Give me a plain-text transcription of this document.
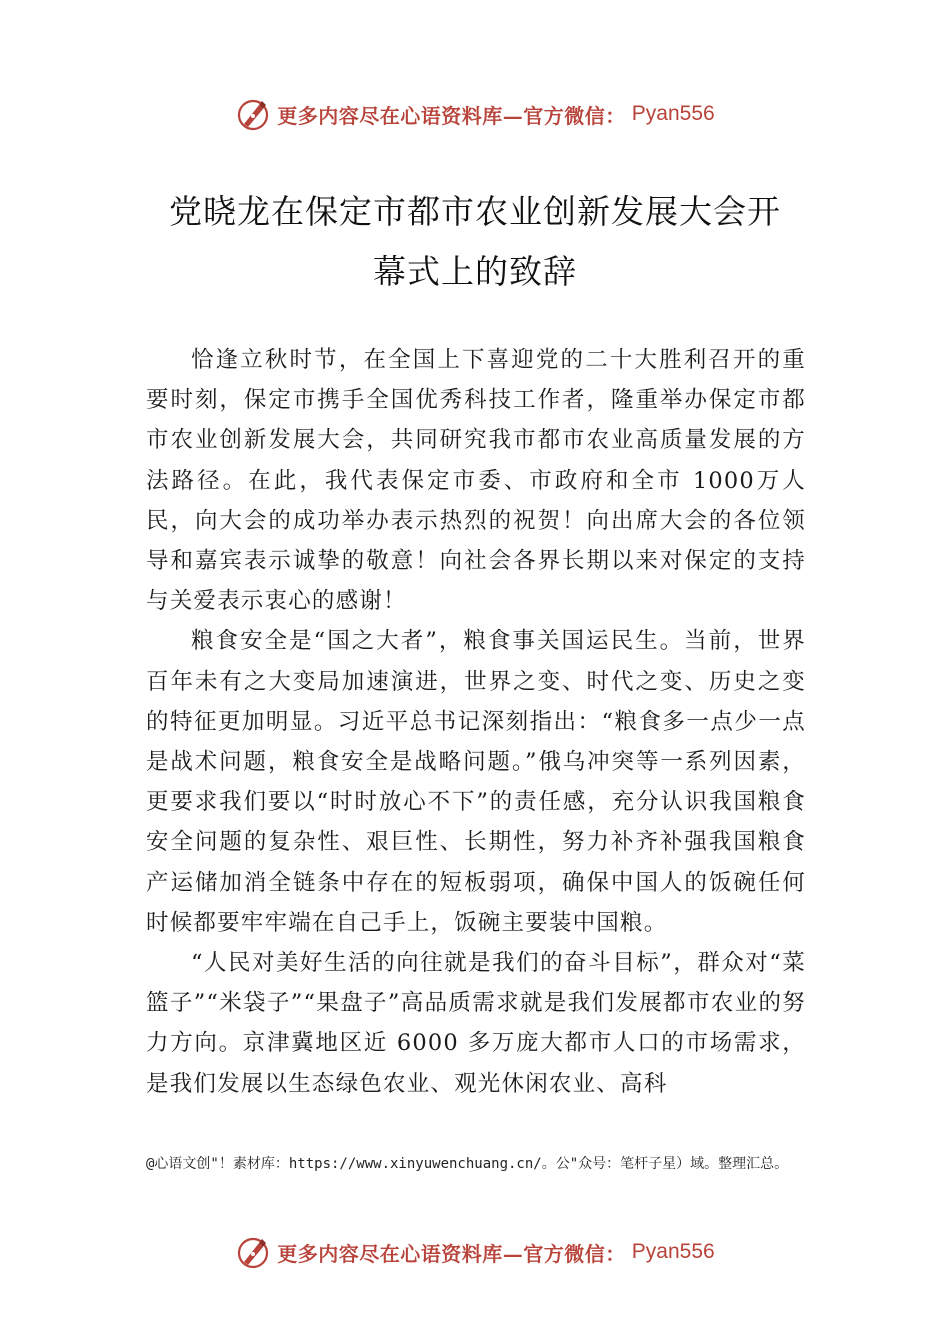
更多内容尽在心语资料库—官方微信： Pyan556
党晓龙在保定市都市农业创新发展大会开
幕式上的致辞

恰逢立秋时节，在全国上下喜迎党的二十大胜利召开的重要时刻，保定市携手全国优秀科技工作者，隆重举办保定市都市农业创新发展大会，共同研究我市都市农业高质量发展的方法路径。在此，我代表保定市委、市政府和全市 1000万人民，向大会的成功举办表示热烈的祝贺！向出席大会的各位领导和嘉宾表示诚挚的敬意！向社会各界长期以来对保定的支持与关爱表示衷心的感谢！

粮食安全是“国之大者”，粮食事关国运民生。当前，世界百年未有之大变局加速演进，世界之变、时代之变、历史之变的特征更加明显。习近平总书记深刻指出：“粮食多一点少一点是战术问题，粮食安全是战略问题。”俄乌冲突等一系列因素，更要求我们要以“时时放心不下”的责任感，充分认识我国粮食安全问题的复杂性、艰巨性、长期性，努力补齐补强我国粮食产运储加消全链条中存在的短板弱项，确保中国人的饭碗任何时候都要牢牢端在自己手上，饭碗主要装中国粮。

“人民对美好生活的向往就是我们的奋斗目标”，群众对“菜篮子”“米袋子”“果盘子”高品质需求就是我们发展都市农业的努力方向。京津冀地区近 6000 多万庞大都市人口的市场需求，是我们发展以生态绿色农业、观光休闲农业、高科

@心语文创"！素材库：https://www.xinyuwenchuang.cn/。公"众号：笔杆子星）域。整理汇总。
更多内容尽在心语资料库—官方微信： Pyan556
